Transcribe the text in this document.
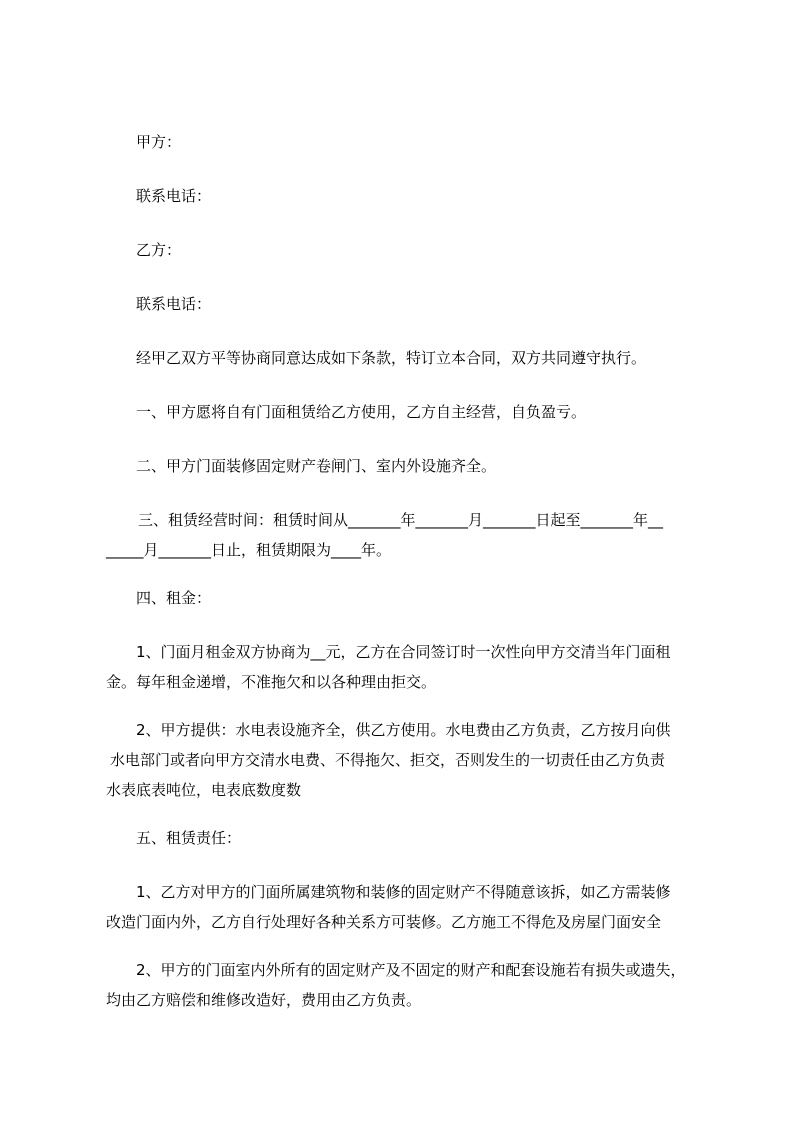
甲方：

联系电话：

乙方：

联系电话：

经甲乙双方平等协商同意达成如下条款，特订立本合同，双方共同遵守执行。

一、甲方愿将自有门面租赁给乙方使用，乙方自主经营，自负盈亏。

二、甲方门面装修固定财产卷闸门、室内外设施齐全。

三、租赁经营时间：租赁时间从_______年_______月_______日起至_______年__
_____月_______日止，租赁期限为____年。

四、租金：

1、门面月租金双方协商为__元，乙方在合同签订时一次性向甲方交清当年门面租
金。每年租金递增，不准拖欠和以各种理由拒交。

2、甲方提供：水电表设施齐全，供乙方使用。水电费由乙方负责，乙方按月向供
水电部门或者向甲方交清水电费、不得拖欠、拒交，否则发生的一切责任由乙方负责
水表底表吨位，电表底数度数

五、租赁责任：

1、乙方对甲方的门面所属建筑物和装修的固定财产不得随意该拆，如乙方需装修
改造门面内外，乙方自行处理好各种关系方可装修。乙方施工不得危及房屋门面安全

2、甲方的门面室内外所有的固定财产及不固定的财产和配套设施若有损失或遗失，
均由乙方赔偿和维修改造好，费用由乙方负责。
